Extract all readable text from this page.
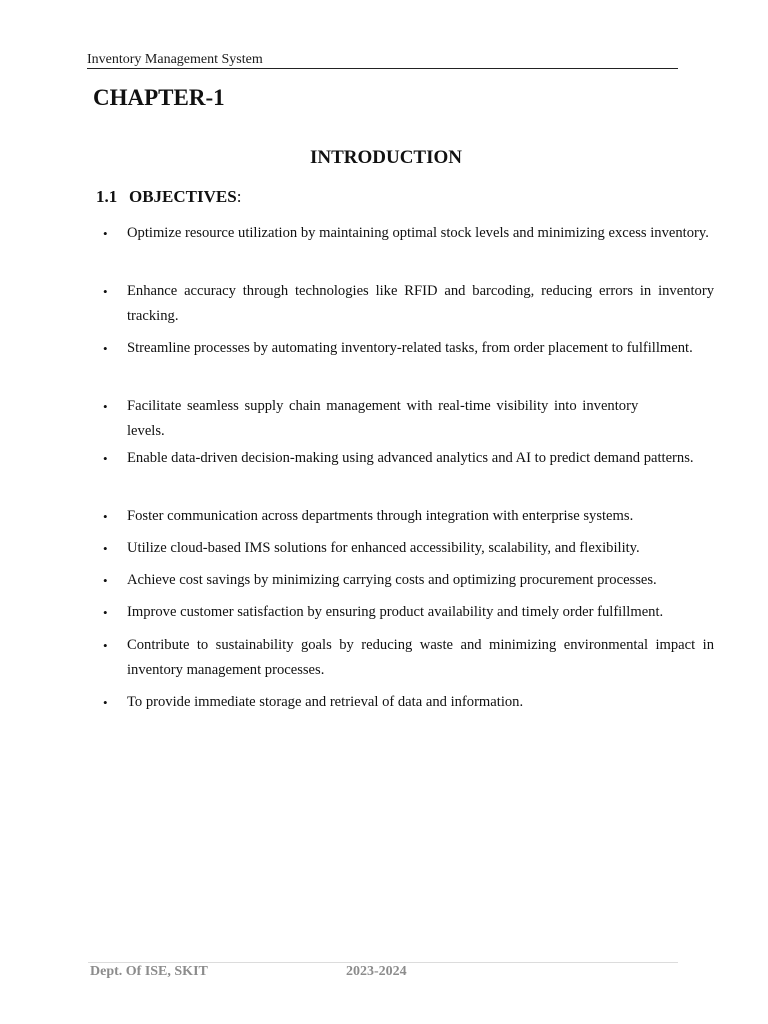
Inventory Management System
CHAPTER-1
INTRODUCTION
1.1 OBJECTIVES:
• Optimize resource utilization by maintaining optimal stock levels and minimizing excess inventory.
• Enhance accuracy through technologies like RFID and barcoding, reducing errors in inventory tracking.
• Streamline processes by automating inventory-related tasks, from order placement to fulfillment.
• Facilitate seamless supply chain management with real-time visibility into inventory levels.
• Enable data-driven decision-making using advanced analytics and AI to predict demand patterns.
• Foster communication across departments through integration with enterprise systems.
• Utilize cloud-based IMS solutions for enhanced accessibility, scalability, and flexibility.
• Achieve cost savings by minimizing carrying costs and optimizing procurement processes.
• Improve customer satisfaction by ensuring product availability and timely order fulfillment.
• Contribute to sustainability goals by reducing waste and minimizing environmental impact in inventory management processes.
• To provide immediate storage and retrieval of data and information.
Dept. Of ISE, SKIT	2023-2024
